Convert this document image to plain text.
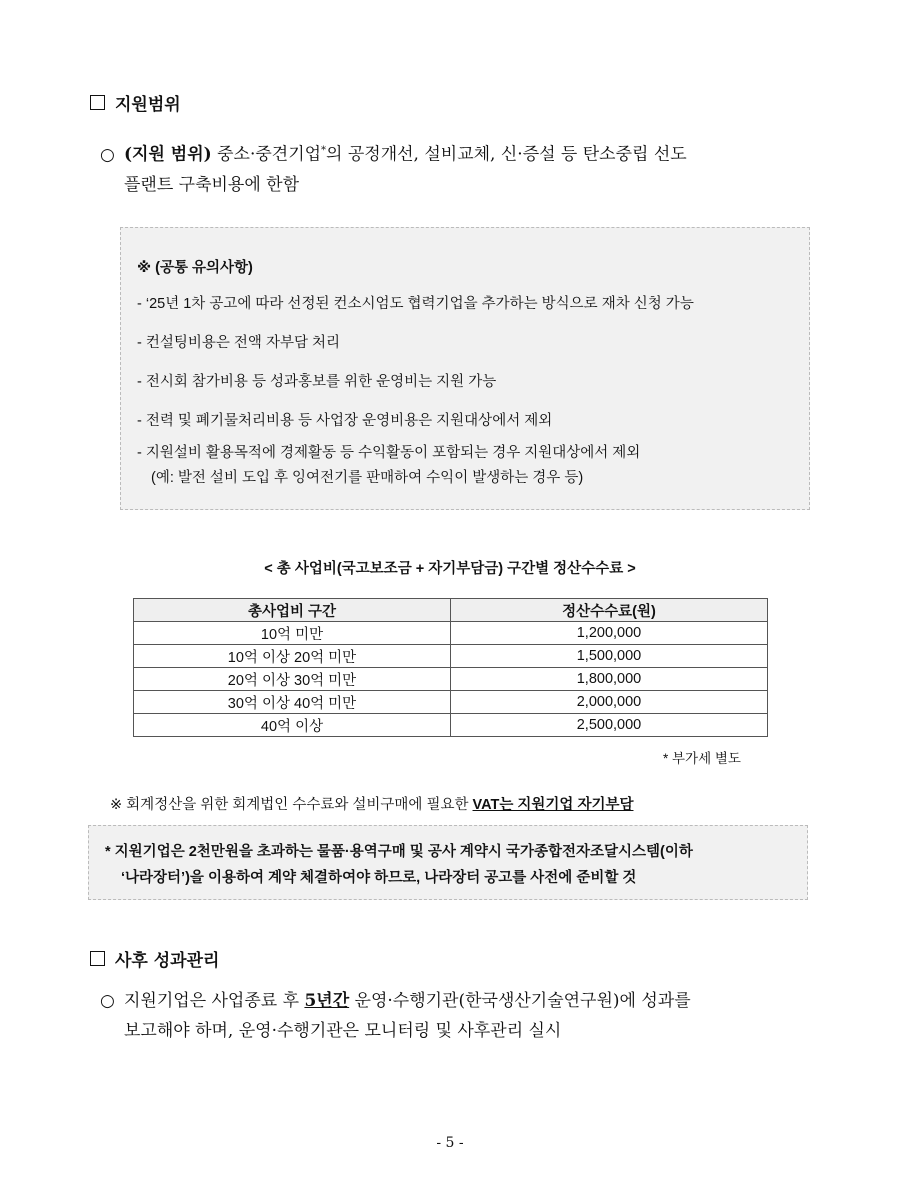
지원범위
○ (지원 범위) 중소·중견기업*의 공정개선, 설비교체, 신·증설 등 탄소중립 선도
플랜트 구축비용에 한함
※ (공통 유의사항)
- ‘25년 1차 공고에 따라 선정된 컨소시엄도 협력기업을 추가하는 방식으로 재차 신청 가능
- 컨설팅비용은 전액 자부담 처리
- 전시회 참가비용 등 성과홍보를 위한 운영비는 지원 가능
- 전력 및 폐기물처리비용 등 사업장 운영비용은 지원대상에서 제외
- 지원설비 활용목적에 경제활동 등 수익활동이 포함되는 경우 지원대상에서 제외
(예: 발전 설비 도입 후 잉여전기를 판매하여 수익이 발생하는 경우 등)
< 총 사업비(국고보조금 + 자기부담금) 구간별 정산수수료 >
총사업비 구간	정산수수료(원)
10억 미만	1,200,000
10억 이상 20억 미만	1,500,000
20억 이상 30억 미만	1,800,000
30억 이상 40억 미만	2,000,000
40억 이상	2,500,000
* 부가세 별도
※ 회계정산을 위한 회계법인 수수료와 설비구매에 필요한 VAT는 지원기업 자기부담
* 지원기업은 2천만원을 초과하는 물품·용역구매 및 공사 계약시 국가종합전자조달시스템(이하
‘나라장터’)을 이용하여 계약 체결하여야 하므로, 나라장터 공고를 사전에 준비할 것
사후 성과관리
○ 지원기업은 사업종료 후 5년간 운영·수행기관(한국생산기술연구원)에 성과를
보고해야 하며, 운영·수행기관은 모니터링 및 사후관리 실시
- 5 -
